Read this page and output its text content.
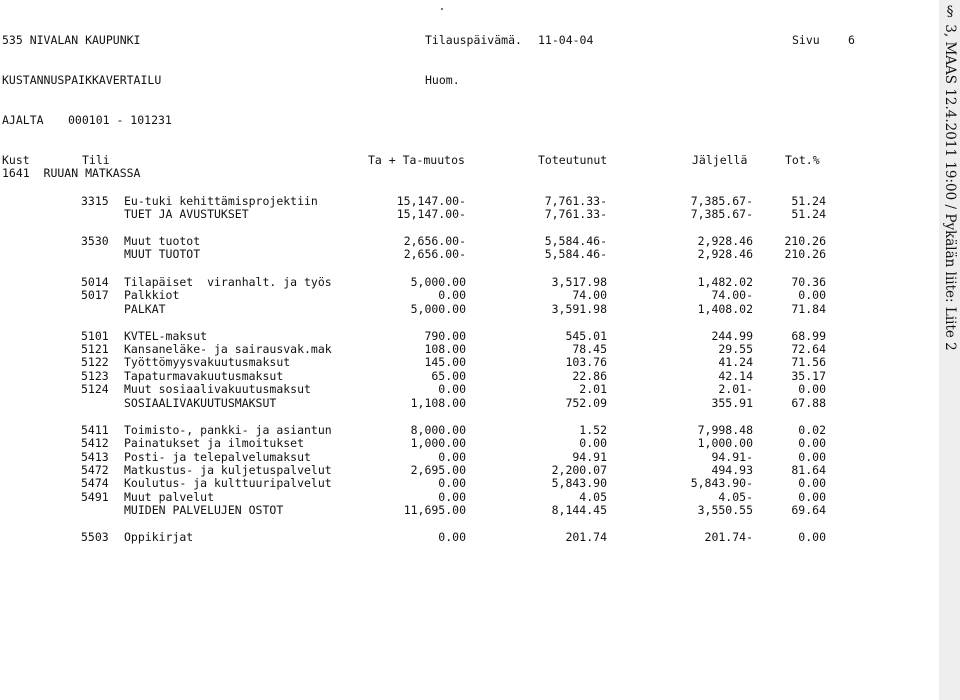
535 NIVALAN KAUPUNKI	Tilauspäivämä. 11-04-04	Sivu 6
KUSTANNUSPAIKKAVERTAILU	Huom.
AJALTA 000101 - 101231
Kust	Tili	Ta + Ta-muutos	Toteutunut	Jäljellä	Tot.%
1641  RUUAN MATKASSA
3315	Eu-tuki kehittämisprojektiin	15,147.00-	7,761.33-	7,385.67-	51.24
TUET JA AVUSTUKSET	15,147.00-	7,761.33-	7,385.67-	51.24
3530	Muut tuotot	2,656.00-	5,584.46-	2,928.46	210.26
MUUT TUOTOT	2,656.00-	5,584.46-	2,928.46	210.26
5014	Tilapäiset  viranhalt. ja työs	5,000.00	3,517.98	1,482.02	70.36
5017	Palkkiot	0.00	74.00	74.00-	0.00
PALKAT	5,000.00	3,591.98	1,408.02	71.84
5101	KVTEL-maksut	790.00	545.01	244.99	68.99
5121	Kansaneläke- ja sairausvak.mak	108.00	78.45	29.55	72.64
5122	Työttömyysvakuutusmaksut	145.00	103.76	41.24	71.56
5123	Tapaturmavakuutusmaksut	65.00	22.86	42.14	35.17
5124	Muut sosiaalivakuutusmaksut	0.00	2.01	2.01-	0.00
SOSIAALIVAKUUTUSMAKSUT	1,108.00	752.09	355.91	67.88
5411	Toimisto-, pankki- ja asiantun	8,000.00	1.52	7,998.48	0.02
5412	Painatukset ja ilmoitukset	1,000.00	0.00	1,000.00	0.00
5413	Posti- ja telepalvelumaksut	0.00	94.91	94.91-	0.00
5472	Matkustus- ja kuljetuspalvelut	2,695.00	2,200.07	494.93	81.64
5474	Koulutus- ja kulttuuripalvelut	0.00	5,843.90	5,843.90-	0.00
5491	Muut palvelut	0.00	4.05	4.05-	0.00
MUIDEN PALVELUJEN OSTOT	11,695.00	8,144.45	3,550.55	69.64
5503	Oppikirjat	0.00	201.74	201.74-	0.00
§ 3, MAAS 12.4.2011 19:00 / Pykälän liite: Liite 2
